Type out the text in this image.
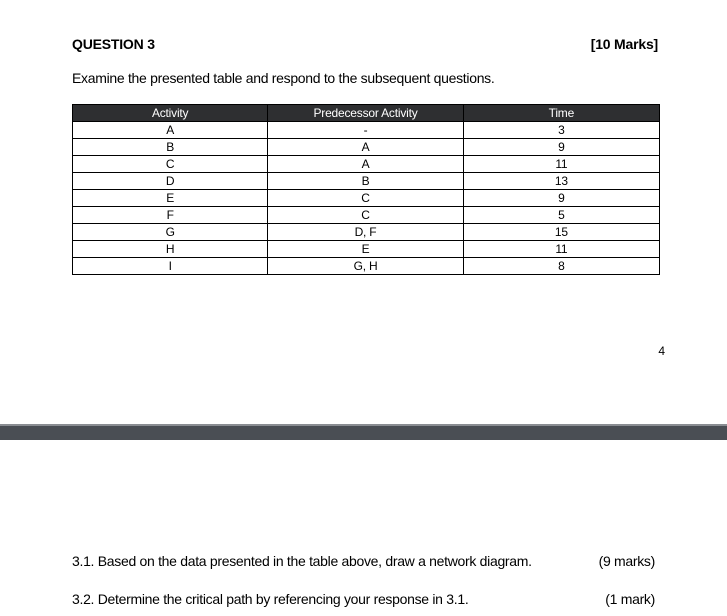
QUESTION 3	[10 Marks]
Examine the presented table and respond to the subsequent questions.
Activity	Predecessor Activity	Time
A	-	3
B	A	9
C	A	11
D	B	13
E	C	9
F	C	5
G	D, F	15
H	E	11
I	G, H	8
4
3.1. Based on the data presented in the table above, draw a network diagram.	(9 marks)
3.2. Determine the critical path by referencing your response in 3.1.	(1 mark)
